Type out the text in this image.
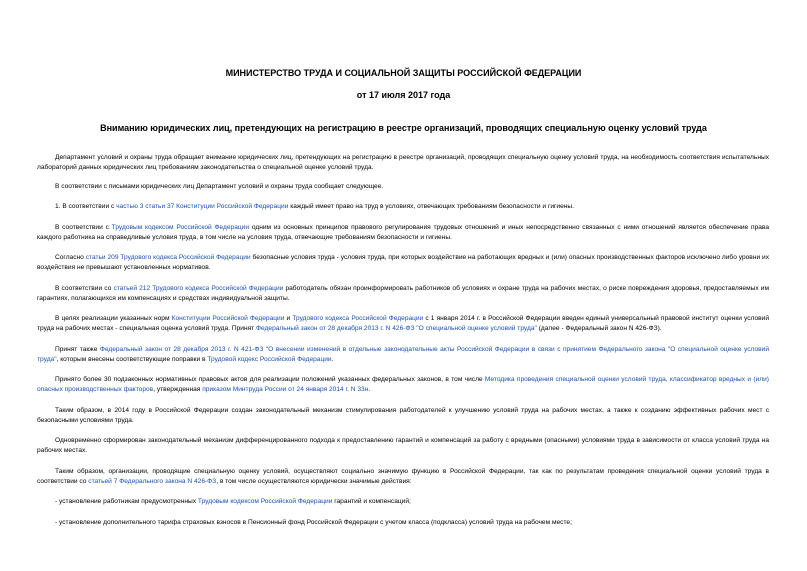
МИНИСТЕРСТВО ТРУДА И СОЦИАЛЬНОЙ ЗАЩИТЫ РОССИЙСКОЙ ФЕДЕРАЦИИ
от 17 июля 2017 года
Вниманию юридических лиц, претендующих на регистрацию в реестре организаций, проводящих специальную оценку условий труда
Департамент условий и охраны труда обращает внимание юридических лиц, претендующих на регистрацию в реестре организаций, проводящих специальную оценку условий труда, на необходимость соответствия испытательных лабораторий данных юридических лиц требованиям законодательства о специальной оценке условий труда.
В соответствии с письмами юридических лиц Департамент условий и охраны труда сообщает следующее.
1. В соответствии с частью 3 статьи 37 Конституции Российской Федерации каждый имеет право на труд в условиях, отвечающих требованиям безопасности и гигиены.
В соответствии с Трудовым кодексом Российской Федерации одним из основных принципов правового регулирования трудовых отношений и иных непосредственно связанных с ними отношений является обеспечение права каждого работника на справедливые условия труда, в том числе на условия труда, отвечающие требованиям безопасности и гигиены.
Согласно статьи 209 Трудового кодекса Российской Федерации безопасные условия труда - условия труда, при которых воздействие на работающих вредных и (или) опасных производственных факторов исключено либо уровни их воздействия не превышают установленных нормативов.
В соответствии со статьей 212 Трудового кодекса Российской Федерации работодатель обязан проинформировать работников об условиях и охране труда на рабочих местах, о риске повреждения здоровья, предоставляемых им гарантиях, полагающихся им компенсациях и средствах индивидуальной защиты.
В целях реализации указанных норм Конституции Российской Федерации и Трудового кодекса Российской Федерации с 1 января 2014 г. в Российской Федерации введен единый универсальный правовой институт оценки условий труда на рабочих местах - специальная оценка условий труда. Принят Федеральный закон от 28 декабря 2013 г. N 426-ФЗ "О специальной оценке условий труда" (далее - Федеральный закон N 426-ФЗ).
Принят также Федеральный закон от 28 декабря 2013 г. N 421-ФЗ "О внесении изменений в отдельные законодательные акты Российской Федерации в связи с принятием Федерального закона "О специальной оценке условий труда", которым внесены соответствующие поправки в Трудовой кодекс Российской Федерации.
Принято более 30 подзаконных нормативных правовых актов для реализации положений указанных федеральных законов, в том числе Методика проведения специальной оценки условий труда, классификатор вредных и (или) опасных производственных факторов, утвержденная приказом Минтруда России от 24 января 2014 г. N 33н.
Таким образом, в 2014 году в Российской Федерации создан законодательный механизм стимулирования работодателей к улучшению условий труда на рабочих местах, а также к созданию эффективных рабочих мест с безопасными условиями труда.
Одновременно сформирован законодательный механизм дифференцированного подхода к предоставлению гарантий и компенсаций за работу с вредными (опасными) условиями труда в зависимости от класса условий труда на рабочих местах.
Таким образом, организации, проводящие специальную оценку условий, осуществляют социально значимую функцию в Российской Федерации, так как по результатам проведения специальной оценки условий труда в соответствии со статьей 7 Федерального закона N 426-ФЗ, в том числе осуществляются юридически значимые действия:
- установление работникам предусмотренных Трудовым кодексом Российской Федерации гарантий и компенсаций;
- установление дополнительного тарифа страховых взносов в Пенсионный фонд Российской Федерации с учетом класса (подкласса) условий труда на рабочем месте;
